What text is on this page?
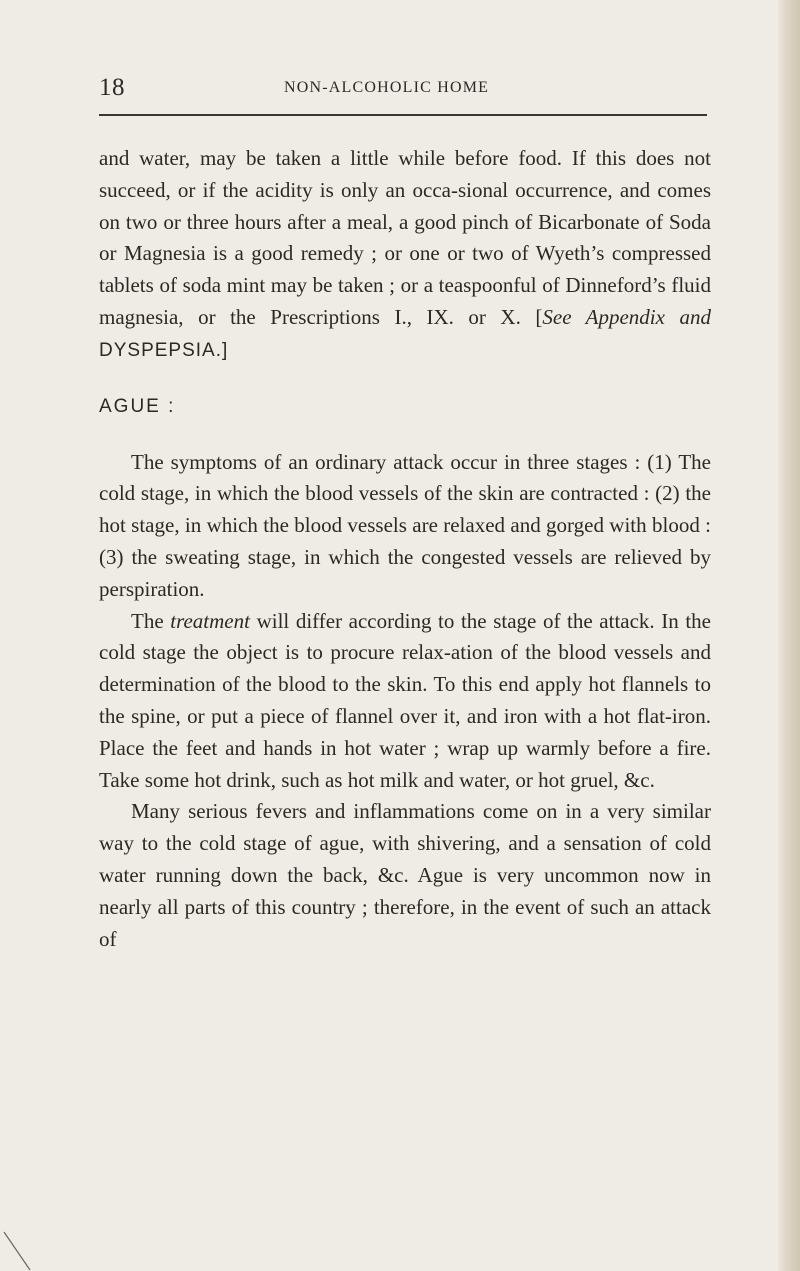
18	NON-ALCOHOLIC HOME

and water, may be taken a little while before food. If this does not succeed, or if the acidity is only an occa-sional occurrence, and comes on two or three hours after a meal, a good pinch of Bicarbonate of Soda or Magnesia is a good remedy ; or one or two of Wyeth’s compressed tablets of soda mint may be taken ; or a teaspoonful of Dinneford’s fluid magnesia, or the Prescriptions I., IX. or X. [See Appendix and DYSPEPSIA.]

AGUE :

The symptoms of an ordinary attack occur in three stages : (1) The cold stage, in which the blood vessels of the skin are contracted : (2) the hot stage, in which the blood vessels are relaxed and gorged with blood : (3) the sweating stage, in which the congested vessels are relieved by perspiration.

The treatment will differ according to the stage of the attack. In the cold stage the object is to procure relax-ation of the blood vessels and determination of the blood to the skin. To this end apply hot flannels to the spine, or put a piece of flannel over it, and iron with a hot flat-iron. Place the feet and hands in hot water ; wrap up warmly before a fire. Take some hot drink, such as hot milk and water, or hot gruel, &c.

Many serious fevers and inflammations come on in a very similar way to the cold stage of ague, with shivering, and a sensation of cold water running down the back, &c. Ague is very uncommon now in nearly all parts of this country ; therefore, in the event of such an attack of
